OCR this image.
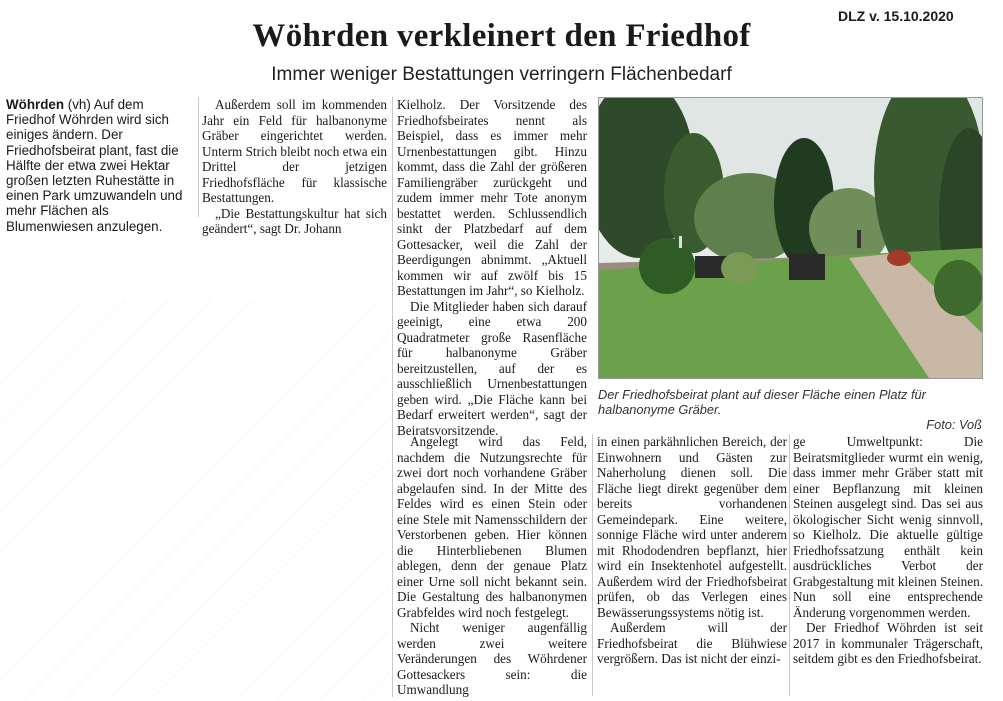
DLZ v. 15.10.2020
Wöhrden verkleinert den Friedhof
Immer weniger Bestattungen verringern Flächenbedarf
Wöhrden (vh) Auf dem Friedhof Wöhrden wird sich einiges ändern. Der Friedhofsbeirat plant, fast die Hälfte der etwa zwei Hektar großen letzten Ruhestätte in einen Park umzuwandeln und mehr Flächen als Blumenwiesen anzulegen.

Außerdem soll im kommenden Jahr ein Feld für halbanonyme Gräber eingerichtet werden. Unterm Strich bleibt noch etwa ein Drittel der jetzigen Friedhofsfläche für klassische Bestattungen.

„Die Bestattungskultur hat sich geändert“, sagt Dr. Johann

Kielholz. Der Vorsitzende des Friedhofsbeirates nennt als Beispiel, dass es immer mehr Urnenbestattungen gibt. Hinzu kommt, dass die Zahl der größeren Familiengräber zurückgeht und zudem immer mehr Tote anonym bestattet werden. Schlussendlich sinkt der Platzbedarf auf dem Gottesacker, weil die Zahl der Beerdigungen abnimmt. „Aktuell kommen wir auf zwölf bis 15 Bestattungen im Jahr“, so Kielholz.

Die Mitglieder haben sich darauf geeinigt, eine etwa 200 Quadratmeter große Rasenfläche für halbanonyme Gräber bereitzustellen, auf der es ausschließlich Urnenbestattungen geben wird. „Die Fläche kann bei Bedarf erweitert werden“, sagt der Beiratsvorsitzende.

Der Friedhofsbeirat plant auf dieser Fläche einen Platz für halbanonyme Gräber.
Foto: Voß

Angelegt wird das Feld, nachdem die Nutzungsrechte für zwei dort noch vorhandene Gräber abgelaufen sind. In der Mitte des Feldes wird es einen Stein oder eine Stele mit Namensschildern der Verstorbenen geben. Hier können die Hinterbliebenen Blumen ablegen, denn der genaue Platz einer Urne soll nicht bekannt sein. Die Gestaltung des halbanonymen Grabfeldes wird noch festgelegt.

Nicht weniger augenfällig werden zwei weitere Veränderungen des Wöhrdener Gottesackers sein: die Umwandlung

in einen parkähnlichen Bereich, der Einwohnern und Gästen zur Naherholung dienen soll. Die Fläche liegt direkt gegenüber dem bereits vorhandenen Gemeindepark. Eine weitere, sonnige Fläche wird unter anderem mit Rhododendren bepflanzt, hier wird ein Insektenhotel aufgestellt. Außerdem wird der Friedhofsbeirat prüfen, ob das Verlegen eines Bewässerungssystems nötig ist.

Außerdem will der Friedhofsbeirat die Blühwiese vergrößern. Das ist nicht der einzi-

ge Umweltpunkt: Die Beiratsmitglieder wurmt ein wenig, dass immer mehr Gräber statt mit einer Bepflanzung mit kleinen Steinen ausgelegt sind. Das sei aus ökologischer Sicht wenig sinnvoll, so Kielholz. Die aktuelle gültige Friedhofssatzung enthält kein ausdrückliches Verbot der Grabgestaltung mit kleinen Steinen. Nun soll eine entsprechende Änderung vorgenommen werden.

Der Friedhof Wöhrden ist seit 2017 in kommunaler Trägerschaft, seitdem gibt es den Friedhofsbeirat.
